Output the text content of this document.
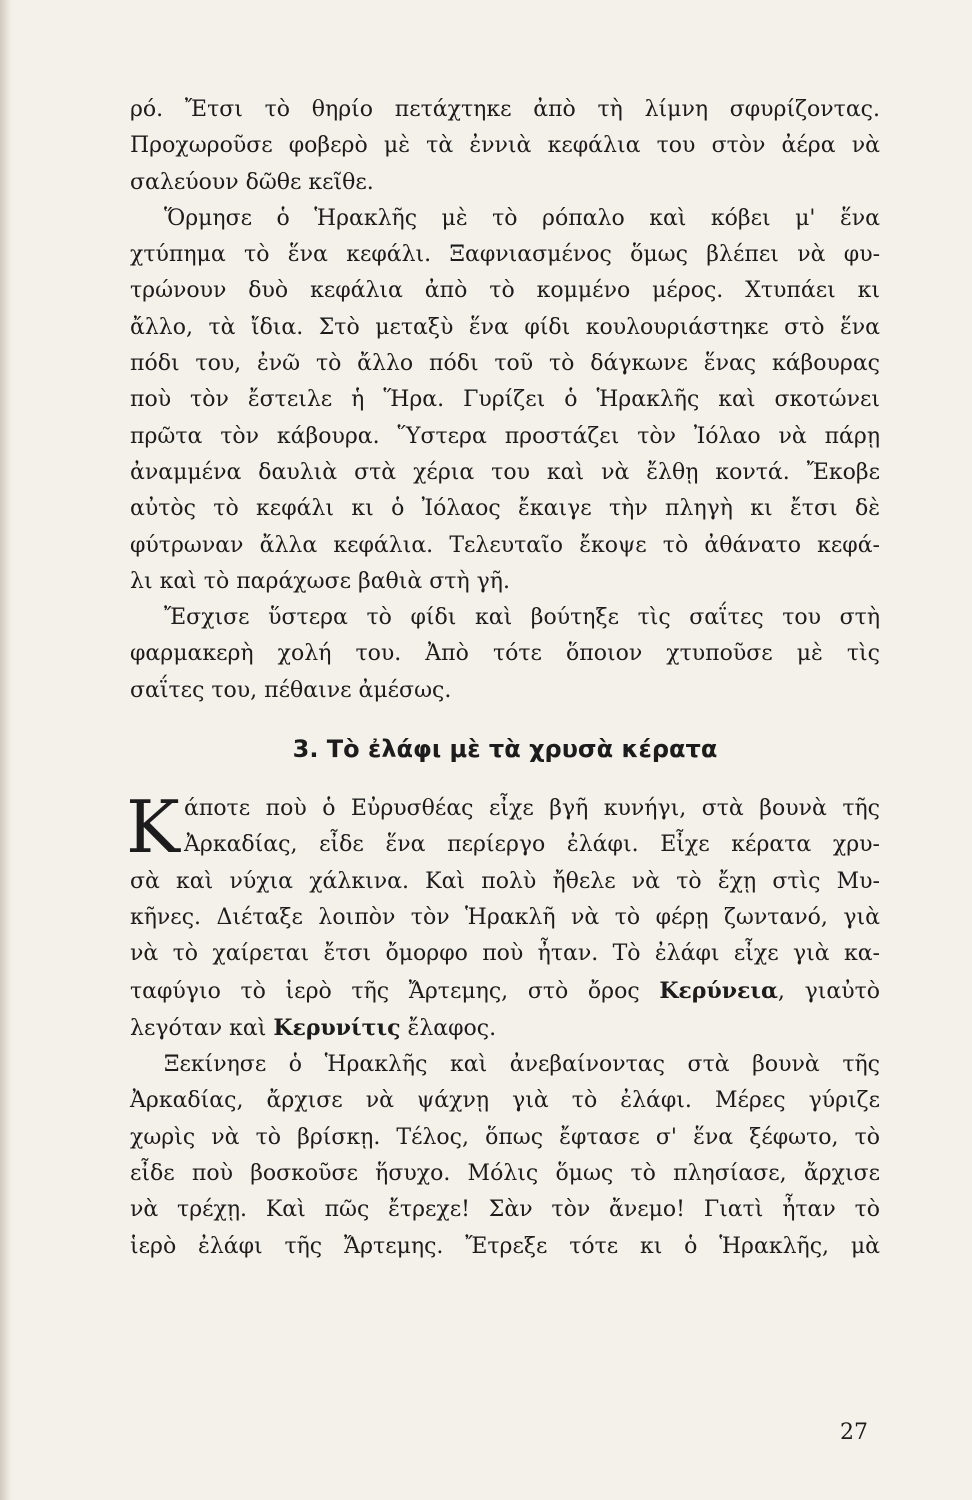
ρό. Ἔτσι τὸ θηρίο πετάχτηκε ἀπὸ τὴ λίμνη σφυρίζοντας.
Προχωροῦσε φοβερὸ μὲ τὰ ἐννιὰ κεφάλια του στὸν ἀέρα νὰ
σαλεύουν δῶθε κεῖθε.

Ὅρμησε ὁ Ἡρακλῆς μὲ τὸ ρόπαλο καὶ κόβει μ' ἕνα
χτύπημα τὸ ἕνα κεφάλι. Ξαφνιασμένος ὅμως βλέπει νὰ φυ-
τρώνουν δυὸ κεφάλια ἀπὸ τὸ κομμένο μέρος. Χτυπάει κι
ἄλλο, τὰ ἴδια. Στὸ μεταξὺ ἕνα φίδι κουλουριάστηκε στὸ ἕνα
πόδι του, ἐνῶ τὸ ἄλλο πόδι τοῦ τὸ δάγκωνε ἕνας κάβουρας
ποὺ τὸν ἔστειλε ἡ Ἥρα. Γυρίζει ὁ Ἡρακλῆς καὶ σκοτώνει
πρῶτα τὸν κάβουρα. Ὕστερα προστάζει τὸν Ἰόλαο νὰ πάρῃ
ἀναμμένα δαυλιὰ στὰ χέρια του καὶ νὰ ἔλθῃ κοντά. Ἔκοβε
αὐτὸς τὸ κεφάλι κι ὁ Ἰόλαος ἔκαιγε τὴν πληγὴ κι ἔτσι δὲ
φύτρωναν ἄλλα κεφάλια. Τελευταῖο ἔκοψε τὸ ἀθάνατο κεφά-
λι καὶ τὸ παράχωσε βαθιὰ στὴ γῆ.

Ἔσχισε ὕστερα τὸ φίδι καὶ βούτηξε τὶς σαΐτες του στὴ
φαρμακερὴ χολή του. Ἀπὸ τότε ὅποιον χτυποῦσε μὲ τὶς
σαΐτες του, πέθαινε ἀμέσως.

3. Τὸ ἐλάφι μὲ τὰ χρυσὰ κέρατα
Κ άποτε ποὺ ὁ Εὐρυσθέας εἶχε βγῆ κυνήγι, στὰ βουνὰ τῆς
Ἀρκαδίας, εἶδε ἕνα περίεργο ἐλάφι. Εἶχε κέρατα χρυ-
σὰ καὶ νύχια χάλκινα. Καὶ πολὺ ἤθελε νὰ τὸ ἔχῃ στὶς Μυ-
κῆνες. Διέταξε λοιπὸν τὸν Ἡρακλῆ νὰ τὸ φέρῃ ζωντανό, γιὰ
νὰ τὸ χαίρεται ἔτσι ὄμορφο ποὺ ἦταν. Τὸ ἐλάφι εἶχε γιὰ κα-
ταφύγιο τὸ ἱερὸ τῆς Ἄρτεμης, στὸ ὄρος Κερύνεια, γιαὐτὸ
λεγόταν καὶ Κερυνίτις ἔλαφος.

Ξεκίνησε ὁ Ἡρακλῆς καὶ ἀνεβαίνοντας στὰ βουνὰ τῆς
Ἀρκαδίας, ἄρχισε νὰ ψάχνῃ γιὰ τὸ ἐλάφι. Μέρες γύριζε
χωρὶς νὰ τὸ βρίσκῃ. Τέλος, ὅπως ἔφτασε σ' ἕνα ξέφωτο, τὸ
εἶδε ποὺ βοσκοῦσε ἥσυχο. Μόλις ὅμως τὸ πλησίασε, ἄρχισε
νὰ τρέχῃ. Καὶ πῶς ἔτρεχε! Σὰν τὸν ἄνεμο! Γιατὶ ἦταν τὸ
ἱερὸ ἐλάφι τῆς Ἄρτεμης. Ἔτρεξε τότε κι ὁ Ἡρακλῆς, μὰ

27
